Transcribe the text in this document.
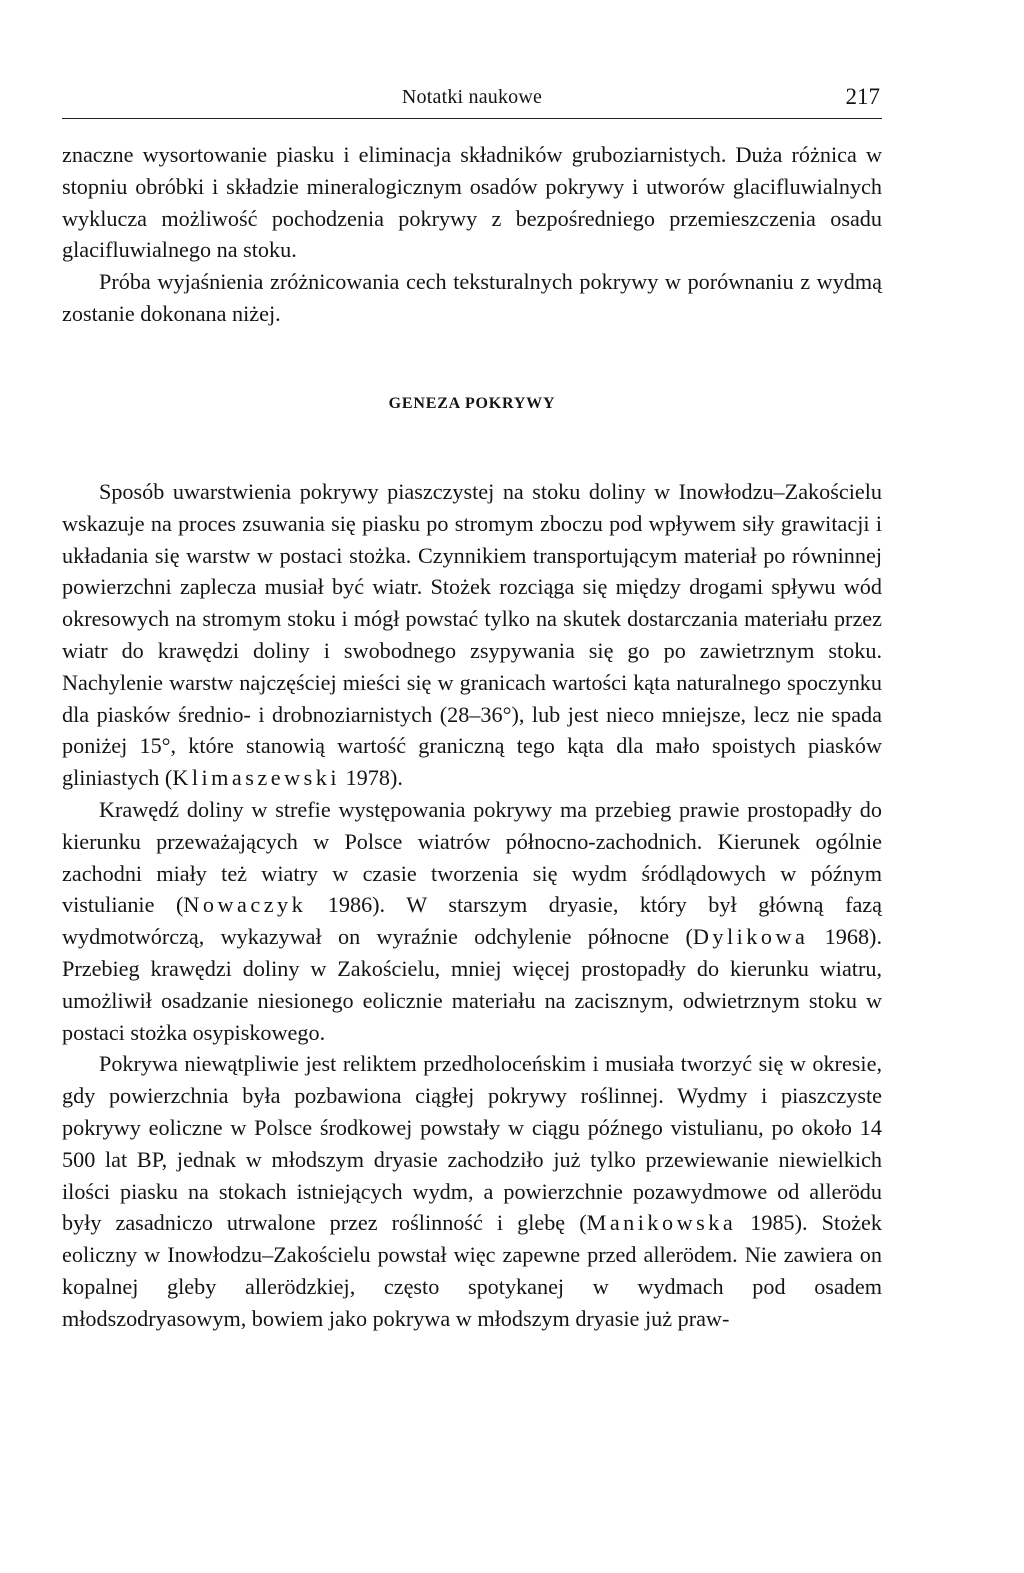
Notatki naukowe	217

znaczne wysortowanie piasku i eliminacja składników gruboziarnistych. Duża różnica w stopniu obróbki i składzie mineralogicznym osadów pokrywy i utworów glacifluwialnych wyklucza możliwość pochodzenia pokrywy z bezpośredniego przemieszczenia osadu glacifluwialnego na stoku.

Próba wyjaśnienia zróżnicowania cech teksturalnych pokrywy w porównaniu z wydmą zostanie dokonana niżej.

GENEZA POKRYWY

Sposób uwarstwienia pokrywy piaszczystej na stoku doliny w Inowłodzu–Zakościelu wskazuje na proces zsuwania się piasku po stromym zboczu pod wpływem siły grawitacji i układania się warstw w postaci stożka. Czynnikiem transportującym materiał po równinnej powierzchni zaplecza musiał być wiatr. Stożek rozciąga się między drogami spływu wód okresowych na stromym stoku i mógł powstać tylko na skutek dostarczania materiału przez wiatr do krawędzi doliny i swobodnego zsypywania się go po zawietrznym stoku. Nachylenie warstw najczęściej mieści się w granicach wartości kąta naturalnego spoczynku dla piasków średnio- i drobnoziarnistych (28–36°), lub jest nieco mniejsze, lecz nie spada poniżej 15°, które stanowią wartość graniczną tego kąta dla mało spoistych piasków gliniastych (Klimaszewski 1978).

Krawędź doliny w strefie występowania pokrywy ma przebieg prawie prostopadły do kierunku przeważających w Polsce wiatrów północno-zachodnich. Kierunek ogólnie zachodni miały też wiatry w czasie tworzenia się wydm śródlądowych w późnym vistulianie (Nowaczyk 1986). W starszym dryasie, który był główną fazą wydmotwórczą, wykazywał on wyraźnie odchylenie północne (Dylikowa 1968). Przebieg krawędzi doliny w Zakościelu, mniej więcej prostopadły do kierunku wiatru, umożliwił osadzanie niesionego eolicznie materiału na zacisznym, odwietrznym stoku w postaci stożka osypiskowego.

Pokrywa niewątpliwie jest reliktem przedholoceńskim i musiała tworzyć się w okresie, gdy powierzchnia była pozbawiona ciągłej pokrywy roślinnej. Wydmy i piaszczyste pokrywy eoliczne w Polsce środkowej powstały w ciągu późnego vistulianu, po około 14 500 lat BP, jednak w młodszym dryasie zachodziło już tylko przewiewanie niewielkich ilości piasku na stokach istniejących wydm, a powierzchnie pozawydmowe od allerödu były zasadniczo utrwalone przez roślinność i glebę (Manikowska 1985). Stożek eoliczny w Inowłodzu–Zakościelu powstał więc zapewne przed allerödem. Nie zawiera on kopalnej gleby allerödzkiej, często spotykanej w wydmach pod osadem młodszodryasowym, bowiem jako pokrywa w młodszym dryasie już praw-
